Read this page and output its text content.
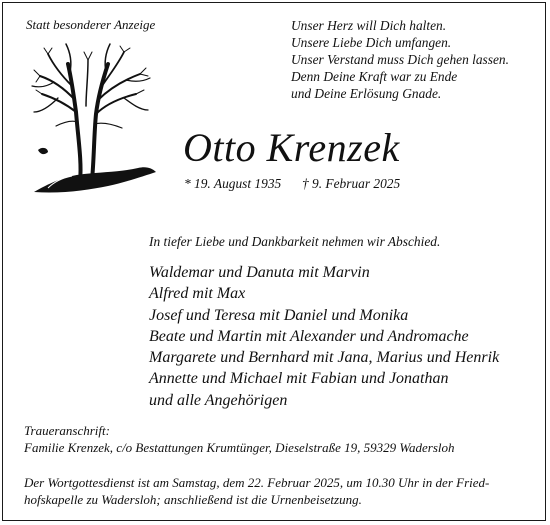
Statt besonderer Anzeige	Unser Herz will Dich halten.
Unsere Liebe Dich umfangen.
Unser Verstand muss Dich gehen lassen.
Denn Deine Kraft war zu Ende
und Deine Erlösung Gnade.
Otto Krenzek
* 19. August 1935 † 9. Februar 2025
In tiefer Liebe und Dankbarkeit nehmen wir Abschied.
Waldemar und Danuta mit Marvin
Alfred mit Max
Josef und Teresa mit Daniel und Monika
Beate und Martin mit Alexander und Andromache
Margarete und Bernhard mit Jana, Marius und Henrik
Annette und Michael mit Fabian und Jonathan
und alle Angehörigen
Traueranschrift:
Familie Krenzek, c/o Bestattungen Krumtünger, Dieselstraße 19, 59329 Wadersloh
Der Wortgottesdienst ist am Samstag, dem 22. Februar 2025, um 10.30 Uhr in der Fried-
hofskapelle zu Wadersloh; anschließend ist die Urnenbeisetzung.
